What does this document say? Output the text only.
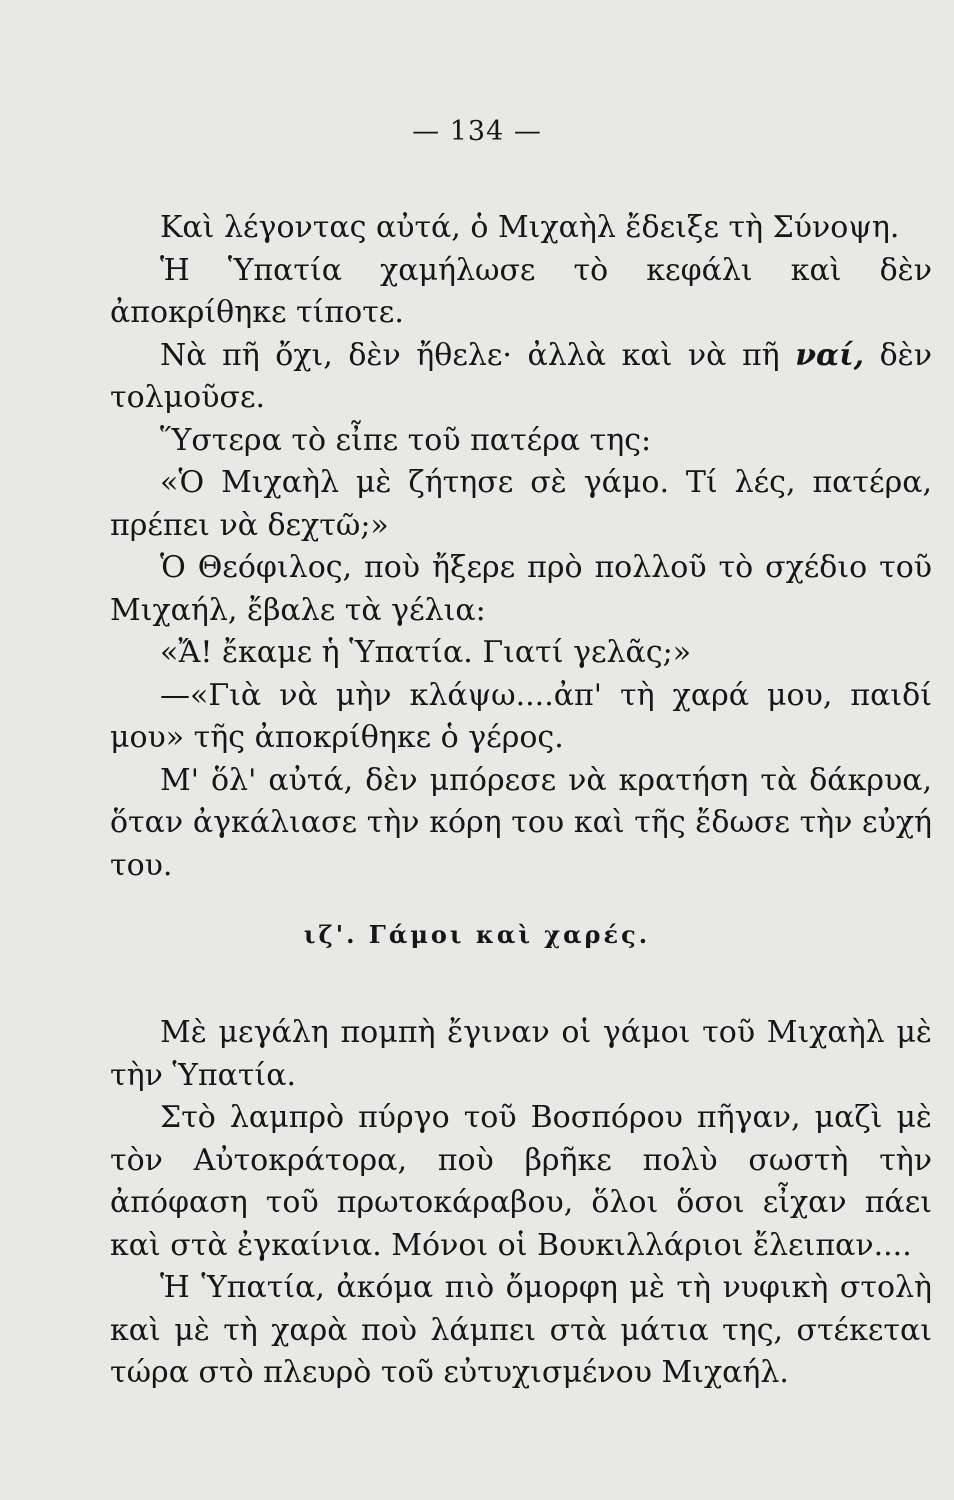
— 134 —

Καὶ λέγοντας αὐτά, ὁ Μιχαὴλ ἔδειξε τὴ Σύνοψη.

Ἡ Ὑπατία χαμήλωσε τὸ κεφάλι καὶ δὲν ἀποκρίθηκε τίποτε.

Νὰ πῆ ὄχι, δὲν ἤθελε· ἀλλὰ καὶ νὰ πῆ ναί, δὲν τολμοῦσε.

Ὕστερα τὸ εἶπε τοῦ πατέρα της:

«Ὁ Μιχαὴλ μὲ ζήτησε σὲ γάμο. Τί λές, πατέρα, πρέπει νὰ δεχτῶ;»

Ὁ Θεόφιλος, ποὺ ἤξερε πρὸ πολλοῦ τὸ σχέδιο τοῦ Μιχαήλ, ἔβαλε τὰ γέλια:

«Ἄ! ἔκαμε ἡ Ὑπατία. Γιατί γελᾶς;»

—«Γιὰ νὰ μὴν κλάψω....ἀπ' τὴ χαρά μου, παιδί μου» τῆς ἀποκρίθηκε ὁ γέρος.

Μ' ὅλ' αὐτά, δὲν μπόρεσε νὰ κρατήση τὰ δάκρυα, ὅταν ἀγκάλιασε τὴν κόρη του καὶ τῆς ἔδωσε τὴν εὐχή του.

ιζ'. Γάμοι καὶ χαρές.

Μὲ μεγάλη πομπὴ ἔγιναν οἱ γάμοι τοῦ Μιχαὴλ μὲ τὴν Ὑπατία.

Στὸ λαμπρὸ πύργο τοῦ Βοσπόρου πῆγαν, μαζὶ μὲ τὸν Αὐτοκράτορα, ποὺ βρῆκε πολὺ σωστὴ τὴν ἀπόφαση τοῦ πρωτοκάραβου, ὅλοι ὅσοι εἶχαν πάει καὶ στὰ ἐγκαίνια. Μόνοι οἱ Βουκιλλάριοι ἔλειπαν....

Ἡ Ὑπατία, ἀκόμα πιὸ ὄμορφη μὲ τὴ νυφικὴ στολὴ καὶ μὲ τὴ χαρὰ ποὺ λάμπει στὰ μάτια της, στέκεται τώρα στὸ πλευρὸ τοῦ εὐτυχισμένου Μιχαήλ.
